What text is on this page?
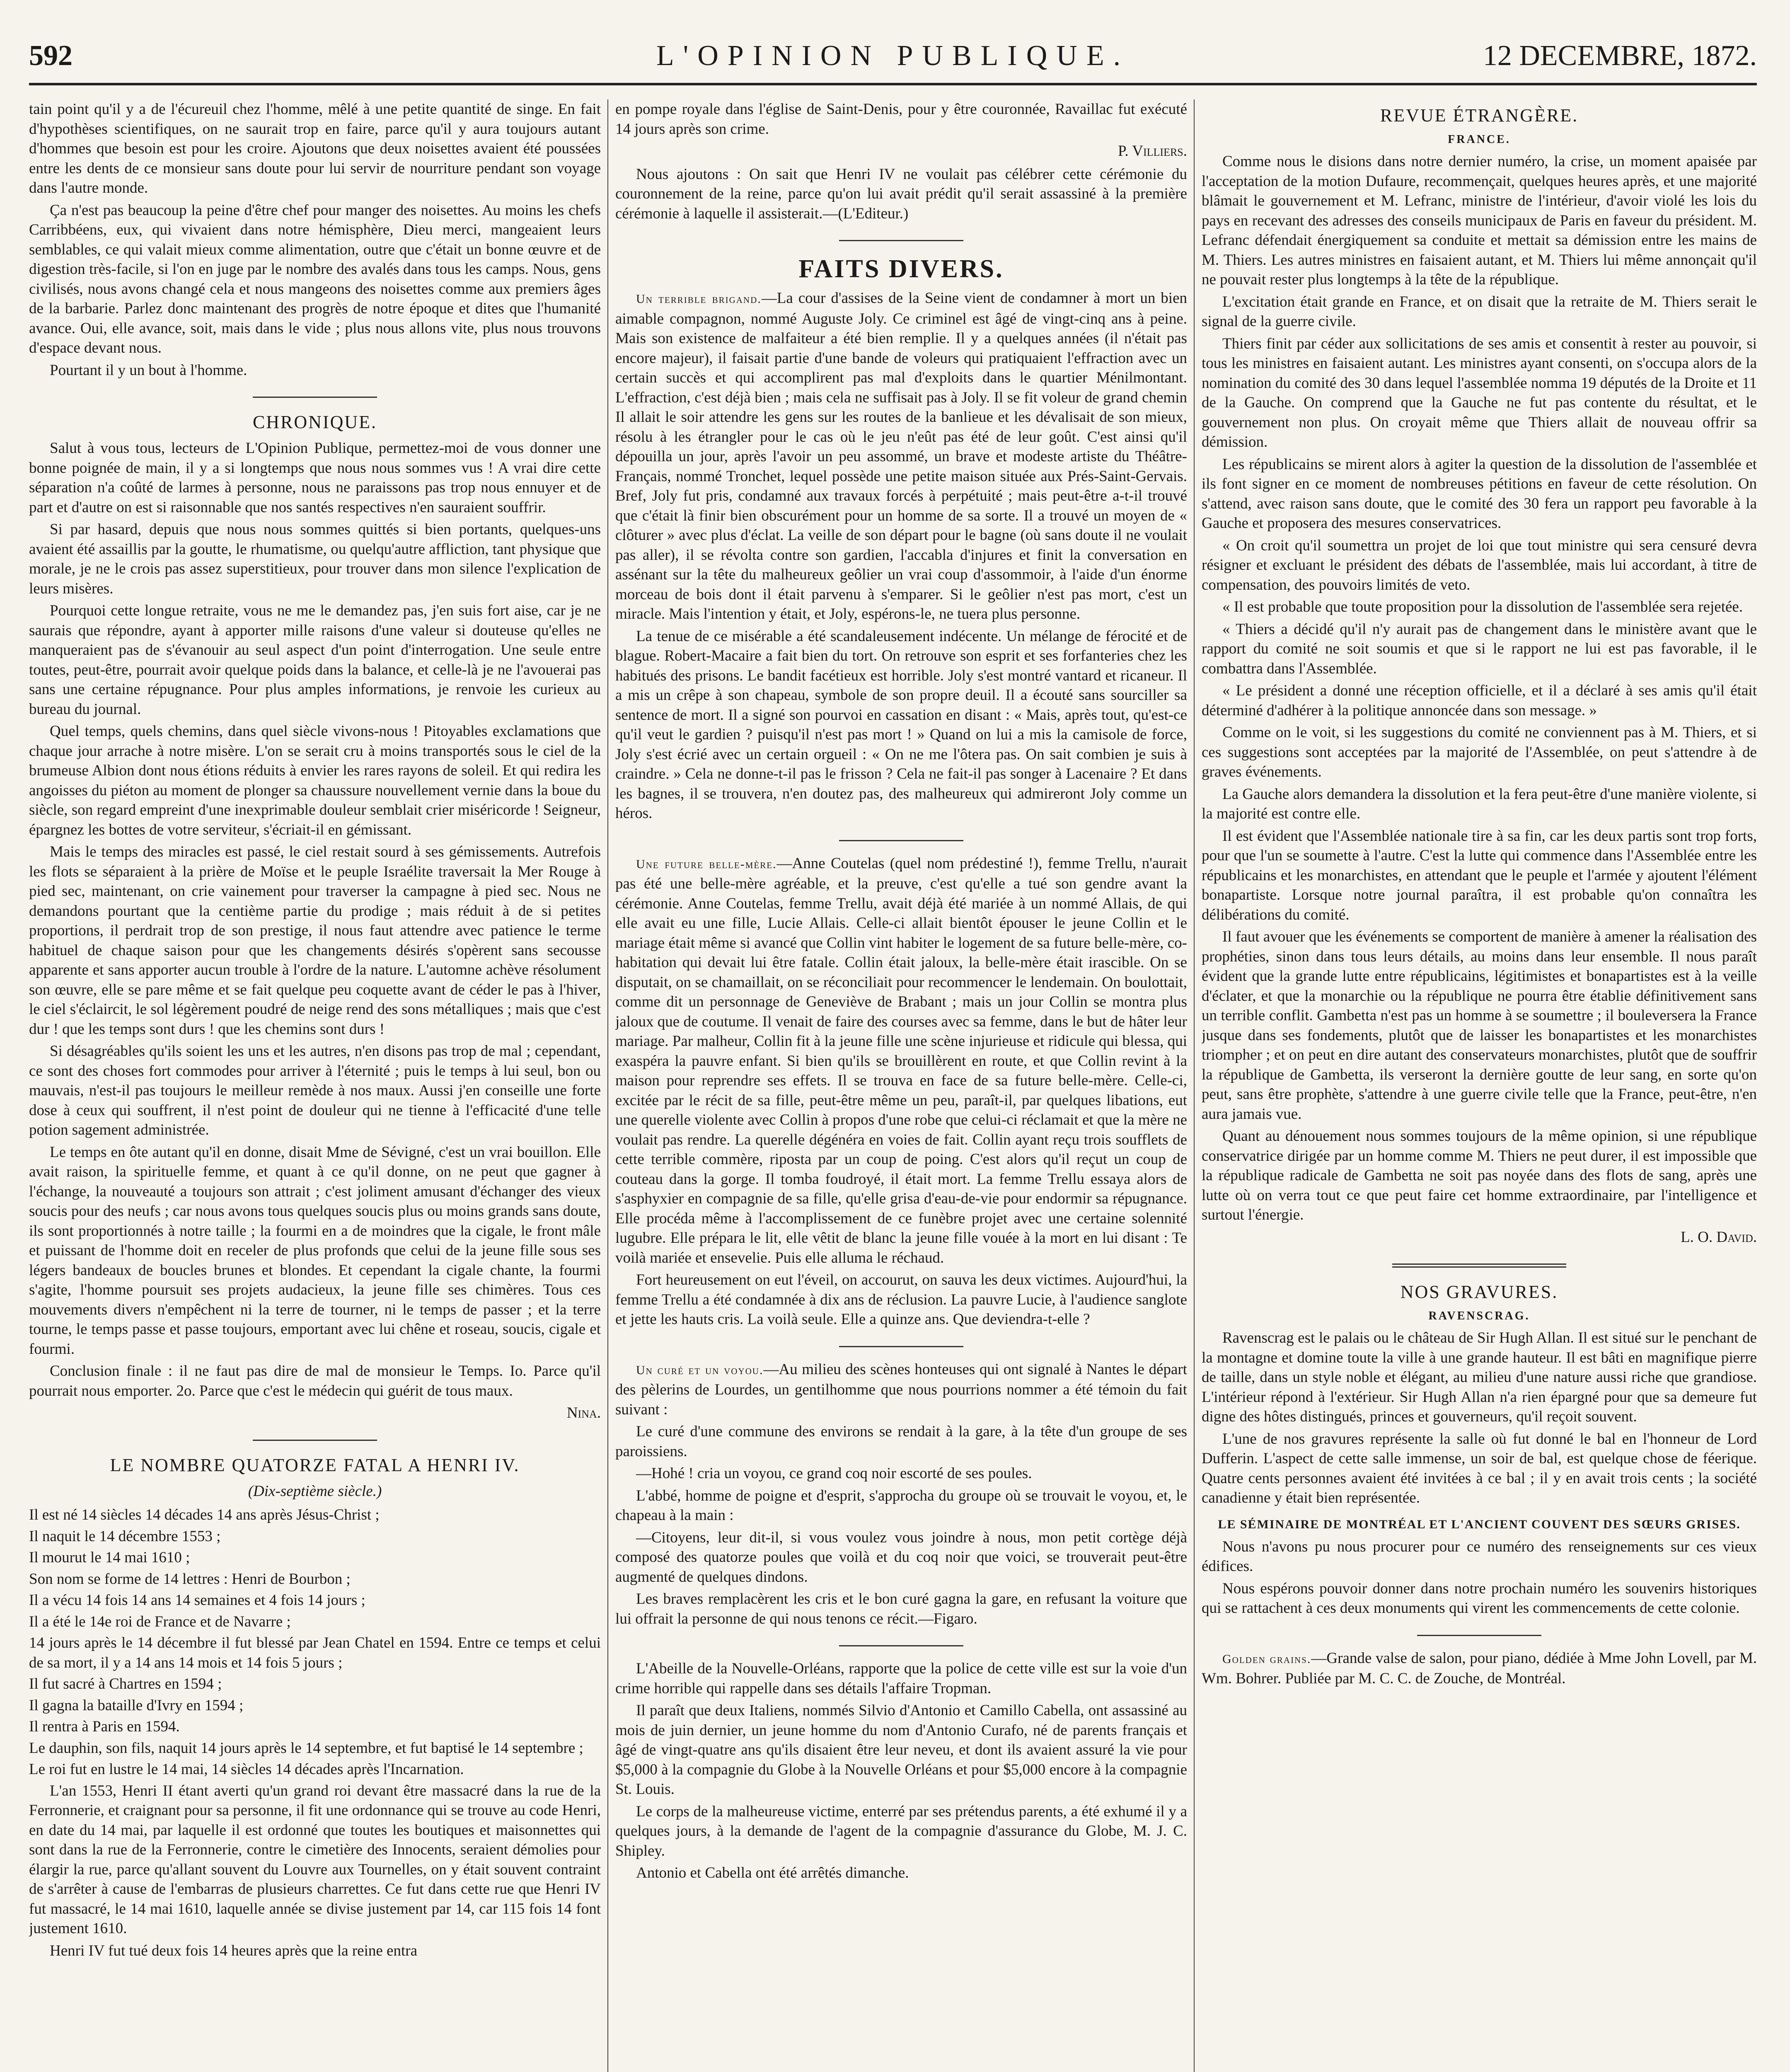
592	L'OPINION PUBLIQUE.	12 DECEMBRE, 1872.

tain point qu'il y a de l'écureuil chez l'homme, mêlé à une petite quantité de singe. En fait d'hypothèses scientifiques, on ne saurait trop en faire, parce qu'il y aura toujours autant d'hommes que besoin est pour les croire. Ajoutons que deux noisettes avaient été poussées entre les dents de ce monsieur sans doute pour lui servir de nourriture pendant son voyage dans l'autre monde.

Ça n'est pas beaucoup la peine d'être chef pour manger des noisettes. Au moins les chefs Carribbéens, eux, qui vivaient dans notre hémisphère, Dieu merci, mangeaient leurs semblables, ce qui valait mieux comme alimentation, outre que c'était un bonne œuvre et de digestion très-facile, si l'on en juge par le nombre des avalés dans tous les camps. Nous, gens civilisés, nous avons changé cela et nous mangeons des noisettes comme aux premiers âges de la barbarie. Parlez donc maintenant des progrès de notre époque et dites que l'humanité avance. Oui, elle avance, soit, mais dans le vide ; plus nous allons vite, plus nous trouvons d'espace devant nous.

Pourtant il y un bout à l'homme.

CHRONIQUE.

Salut à vous tous, lecteurs de L'Opinion Publique, permettez-moi de vous donner une bonne poignée de main, il y a si longtemps que nous nous sommes vus ! A vrai dire cette séparation n'a coûté de larmes à personne, nous ne paraissons pas trop nous ennuyer et de part et d'autre on est si raisonnable que nos santés respectives n'en sauraient souffrir.

Si par hasard, depuis que nous nous sommes quittés si bien portants, quelques-uns avaient été assaillis par la goutte, le rhumatisme, ou quelqu'autre affliction, tant physique que morale, je ne le crois pas assez superstitieux, pour trouver dans mon silence l'explication de leurs misères.

Pourquoi cette longue retraite, vous ne me le demandez pas, j'en suis fort aise, car je ne saurais que répondre, ayant à apporter mille raisons d'une valeur si douteuse qu'elles ne manqueraient pas de s'évanouir au seul aspect d'un point d'interrogation. Une seule entre toutes, peut-être, pourrait avoir quelque poids dans la balance, et celle-là je ne l'avouerai pas sans une certaine répugnance. Pour plus amples informations, je renvoie les curieux au bureau du journal.

Quel temps, quels chemins, dans quel siècle vivons-nous ! Pitoyables exclamations que chaque jour arrache à notre misère. L'on se serait cru à moins transportés sous le ciel de la brumeuse Albion dont nous étions réduits à envier les rares rayons de soleil. Et qui redira les angoisses du piéton au moment de plonger sa chaussure nouvellement vernie dans la boue du siècle, son regard empreint d'une inexprimable douleur semblait crier miséricorde ! Seigneur, épargnez les bottes de votre serviteur, s'écriait-il en gémissant.

Mais le temps des miracles est passé, le ciel restait sourd à ses gémissements. Autrefois les flots se séparaient à la prière de Moïse et le peuple Israélite traversait la Mer Rouge à pied sec, maintenant, on crie vainement pour traverser la campagne à pied sec. Nous ne demandons pourtant que la centième partie du prodige ; mais réduit à de si petites proportions, il perdrait trop de son prestige, il nous faut attendre avec patience le terme habituel de chaque saison pour que les changements désirés s'opèrent sans secousse apparente et sans apporter aucun trouble à l'ordre de la nature. L'automne achève résolument son œuvre, elle se pare même et se fait quelque peu coquette avant de céder le pas à l'hiver, le ciel s'éclaircit, le sol légèrement poudré de neige rend des sons métalliques ; mais que c'est dur ! que les temps sont durs ! que les chemins sont durs !

Si désagréables qu'ils soient les uns et les autres, n'en disons pas trop de mal ; cependant, ce sont des choses fort commodes pour arriver à l'éternité ; puis le temps à lui seul, bon ou mauvais, n'est-il pas toujours le meilleur remède à nos maux. Aussi j'en conseille une forte dose à ceux qui souffrent, il n'est point de douleur qui ne tienne à l'efficacité d'une telle potion sagement administrée.

Le temps en ôte autant qu'il en donne, disait Mme de Sévigné, c'est un vrai bouillon. Elle avait raison, la spirituelle femme, et quant à ce qu'il donne, on ne peut que gagner à l'échange, la nouveauté a toujours son attrait ; c'est joliment amusant d'échanger des vieux soucis pour des neufs ; car nous avons tous quelques soucis plus ou moins grands sans doute, ils sont proportionnés à notre taille ; la fourmi en a de moindres que la cigale, le front mâle et puissant de l'homme doit en receler de plus profonds que celui de la jeune fille sous ses légers bandeaux de boucles brunes et blondes. Et cependant la cigale chante, la fourmi s'agite, l'homme poursuit ses projets audacieux, la jeune fille ses chimères. Tous ces mouvements divers n'empêchent ni la terre de tourner, ni le temps de passer ; et la terre tourne, le temps passe et passe toujours, emportant avec lui chêne et roseau, soucis, cigale et fourmi.

Conclusion finale : il ne faut pas dire de mal de monsieur le Temps. Io. Parce qu'il pourrait nous emporter. 2o. Parce que c'est le médecin qui guérit de tous maux.

Nina.
LE NOMBRE QUATORZE FATAL A HENRI IV.
(Dix-septième siècle.)

Il est né 14 siècles 14 décades 14 ans après Jésus-Christ ;

Il naquit le 14 décembre 1553 ;

Il mourut le 14 mai 1610 ;

Son nom se forme de 14 lettres : Henri de Bourbon ;

Il a vécu 14 fois 14 ans 14 semaines et 4 fois 14 jours ;

Il a été le 14e roi de France et de Navarre ;

14 jours après le 14 décembre il fut blessé par Jean Chatel en 1594. Entre ce temps et celui de sa mort, il y a 14 ans 14 mois et 14 fois 5 jours ;

Il fut sacré à Chartres en 1594 ;

Il gagna la bataille d'Ivry en 1594 ;

Il rentra à Paris en 1594.

Le dauphin, son fils, naquit 14 jours après le 14 septembre, et fut baptisé le 14 septembre ;

Le roi fut en lustre le 14 mai, 14 siècles 14 décades après l'Incarnation.

L'an 1553, Henri II étant averti qu'un grand roi devant être massacré dans la rue de la Ferronnerie, et craignant pour sa personne, il fit une ordonnance qui se trouve au code Henri, en date du 14 mai, par laquelle il est ordonné que toutes les boutiques et maisonnettes qui sont dans la rue de la Ferronnerie, contre le cimetière des Innocents, seraient démolies pour élargir la rue, parce qu'allant souvent du Louvre aux Tournelles, on y était souvent contraint de s'arrêter à cause de l'embarras de plusieurs charrettes. Ce fut dans cette rue que Henri IV fut massacré, le 14 mai 1610, laquelle année se divise justement par 14, car 115 fois 14 font justement 1610.

Henri IV fut tué deux fois 14 heures après que la reine entra

en pompe royale dans l'église de Saint-Denis, pour y être couronnée, Ravaillac fut exécuté 14 jours après son crime.

P. Villiers.

Nous ajoutons : On sait que Henri IV ne voulait pas célébrer cette cérémonie du couronnement de la reine, parce qu'on lui avait prédit qu'il serait assassiné à la première cérémonie à laquelle il assisterait.—(L'Editeur.)

FAITS DIVERS.

Un terrible brigand.—La cour d'assises de la Seine vient de condamner à mort un bien aimable compagnon, nommé Auguste Joly. Ce criminel est âgé de vingt-cinq ans à peine. Mais son existence de malfaiteur a été bien remplie. Il y a quelques années (il n'était pas encore majeur), il faisait partie d'une bande de voleurs qui pratiquaient l'effraction avec un certain succès et qui accomplirent pas mal d'exploits dans le quartier Ménilmontant. L'effraction, c'est déjà bien ; mais cela ne suffisait pas à Joly. Il se fit voleur de grand chemin Il allait le soir attendre les gens sur les routes de la banlieue et les dévalisait de son mieux, résolu à les étrangler pour le cas où le jeu n'eût pas été de leur goût. C'est ainsi qu'il dépouilla un jour, après l'avoir un peu assommé, un brave et modeste artiste du Théâtre-Français, nommé Tronchet, lequel possède une petite maison située aux Prés-Saint-Gervais. Bref, Joly fut pris, condamné aux travaux forcés à perpétuité ; mais peut-être a-t-il trouvé que c'était là finir bien obscurément pour un homme de sa sorte. Il a trouvé un moyen de « clôturer » avec plus d'éclat. La veille de son départ pour le bagne (où sans doute il ne voulait pas aller), il se révolta contre son gardien, l'accabla d'injures et finit la conversation en assénant sur la tête du malheureux geôlier un vrai coup d'assommoir, à l'aide d'un énorme morceau de bois dont il était parvenu à s'emparer. Si le geôlier n'est pas mort, c'est un miracle. Mais l'intention y était, et Joly, espérons-le, ne tuera plus personne.

La tenue de ce misérable a été scandaleusement indécente. Un mélange de férocité et de blague. Robert-Macaire a fait bien du tort. On retrouve son esprit et ses forfanteries chez les habitués des prisons. Le bandit facétieux est horrible. Joly s'est montré vantard et ricaneur. Il a mis un crêpe à son chapeau, symbole de son propre deuil. Il a écouté sans sourciller sa sentence de mort. Il a signé son pourvoi en cassation en disant : « Mais, après tout, qu'est-ce qu'il veut le gardien ? puisqu'il n'est pas mort ! » Quand on lui a mis la camisole de force, Joly s'est écrié avec un certain orgueil : « On ne me l'ôtera pas. On sait combien je suis à craindre. » Cela ne donne-t-il pas le frisson ? Cela ne fait-il pas songer à Lacenaire ? Et dans les bagnes, il se trouvera, n'en doutez pas, des malheureux qui admireront Joly comme un héros.

Une future belle-mère.—Anne Coutelas (quel nom prédestiné !), femme Trellu, n'aurait pas été une belle-mère agréable, et la preuve, c'est qu'elle a tué son gendre avant la cérémonie. Anne Coutelas, femme Trellu, avait déjà été mariée à un nommé Allais, de qui elle avait eu une fille, Lucie Allais. Celle-ci allait bientôt épouser le jeune Collin et le mariage était même si avancé que Collin vint habiter le logement de sa future belle-mère, co-habitation qui devait lui être fatale. Collin était jaloux, la belle-mère était irascible. On se disputait, on se chamaillait, on se réconciliait pour recommencer le lendemain. On boulottait, comme dit un personnage de Geneviève de Brabant ; mais un jour Collin se montra plus jaloux que de coutume. Il venait de faire des courses avec sa femme, dans le but de hâter leur mariage. Par malheur, Collin fit à la jeune fille une scène injurieuse et ridicule qui blessa, qui exaspéra la pauvre enfant. Si bien qu'ils se brouillèrent en route, et que Collin revint à la maison pour reprendre ses effets. Il se trouva en face de sa future belle-mère. Celle-ci, excitée par le récit de sa fille, peut-être même un peu, paraît-il, par quelques libations, eut une querelle violente avec Collin à propos d'une robe que celui-ci réclamait et que la mère ne voulait pas rendre. La querelle dégénéra en voies de fait. Collin ayant reçu trois soufflets de cette terrible commère, riposta par un coup de poing. C'est alors qu'il reçut un coup de couteau dans la gorge. Il tomba foudroyé, il était mort. La femme Trellu essaya alors de s'asphyxier en compagnie de sa fille, qu'elle grisa d'eau-de-vie pour endormir sa répugnance. Elle procéda même à l'accomplissement de ce funèbre projet avec une certaine solennité lugubre. Elle prépara le lit, elle vêtit de blanc la jeune fille vouée à la mort en lui disant : Te voilà mariée et ensevelie. Puis elle alluma le réchaud.

Fort heureusement on eut l'éveil, on accourut, on sauva les deux victimes. Aujourd'hui, la femme Trellu a été condamnée à dix ans de réclusion. La pauvre Lucie, à l'audience sanglote et jette les hauts cris. La voilà seule. Elle a quinze ans. Que deviendra-t-elle ?

Un curé et un voyou.—Au milieu des scènes honteuses qui ont signalé à Nantes le départ des pèlerins de Lourdes, un gentilhomme que nous pourrions nommer a été témoin du fait suivant :

Le curé d'une commune des environs se rendait à la gare, à la tête d'un groupe de ses paroissiens.

—Hohé ! cria un voyou, ce grand coq noir escorté de ses poules.

L'abbé, homme de poigne et d'esprit, s'approcha du groupe où se trouvait le voyou, et, le chapeau à la main :

—Citoyens, leur dit-il, si vous voulez vous joindre à nous, mon petit cortège déjà composé des quatorze poules que voilà et du coq noir que voici, se trouverait peut-être augmenté de quelques dindons.

Les braves remplacèrent les cris et le bon curé gagna la gare, en refusant la voiture que lui offrait la personne de qui nous tenons ce récit.—Figaro.

L'Abeille de la Nouvelle-Orléans, rapporte que la police de cette ville est sur la voie d'un crime horrible qui rappelle dans ses détails l'affaire Tropman.

Il paraît que deux Italiens, nommés Silvio d'Antonio et Camillo Cabella, ont assassiné au mois de juin dernier, un jeune homme du nom d'Antonio Curafo, né de parents français et âgé de vingt-quatre ans qu'ils disaient être leur neveu, et dont ils avaient assuré la vie pour $5,000 à la compagnie du Globe à la Nouvelle Orléans et pour $5,000 encore à la compagnie St. Louis.

Le corps de la malheureuse victime, enterré par ses prétendus parents, a été exhumé il y a quelques jours, à la demande de l'agent de la compagnie d'assurance du Globe, M. J. C. Shipley.

Antonio et Cabella ont été arrêtés dimanche.

REVUE ÉTRANGÈRE.
FRANCE.

Comme nous le disions dans notre dernier numéro, la crise, un moment apaisée par l'acceptation de la motion Dufaure, recommençait, quelques heures après, et une majorité blâmait le gouvernement et M. Lefranc, ministre de l'intérieur, d'avoir violé les lois du pays en recevant des adresses des conseils municipaux de Paris en faveur du président. M. Lefranc défendait énergiquement sa conduite et mettait sa démission entre les mains de M. Thiers. Les autres ministres en faisaient autant, et M. Thiers lui même annonçait qu'il ne pouvait rester plus longtemps à la tête de la république.

L'excitation était grande en France, et on disait que la retraite de M. Thiers serait le signal de la guerre civile.

Thiers finit par céder aux sollicitations de ses amis et consentit à rester au pouvoir, si tous les ministres en faisaient autant. Les ministres ayant consenti, on s'occupa alors de la nomination du comité des 30 dans lequel l'assemblée nomma 19 députés de la Droite et 11 de la Gauche. On comprend que la Gauche ne fut pas contente du résultat, et le gouvernement non plus. On croyait même que Thiers allait de nouveau offrir sa démission.

Les républicains se mirent alors à agiter la question de la dissolution de l'assemblée et ils font signer en ce moment de nombreuses pétitions en faveur de cette résolution. On s'attend, avec raison sans doute, que le comité des 30 fera un rapport peu favorable à la Gauche et proposera des mesures conservatrices.

« On croit qu'il soumettra un projet de loi que tout ministre qui sera censuré devra résigner et excluant le président des débats de l'assemblée, mais lui accordant, à titre de compensation, des pouvoirs limités de veto.

« Il est probable que toute proposition pour la dissolution de l'assemblée sera rejetée.

« Thiers a décidé qu'il n'y aurait pas de changement dans le ministère avant que le rapport du comité ne soit soumis et que si le rapport ne lui est pas favorable, il le combattra dans l'Assemblée.

« Le président a donné une réception officielle, et il a déclaré à ses amis qu'il était déterminé d'adhérer à la politique annoncée dans son message. »

Comme on le voit, si les suggestions du comité ne conviennent pas à M. Thiers, et si ces suggestions sont acceptées par la majorité de l'Assemblée, on peut s'attendre à de graves événements.

La Gauche alors demandera la dissolution et la fera peut-être d'une manière violente, si la majorité est contre elle.

Il est évident que l'Assemblée nationale tire à sa fin, car les deux partis sont trop forts, pour que l'un se soumette à l'autre. C'est la lutte qui commence dans l'Assemblée entre les républicains et les monarchistes, en attendant que le peuple et l'armée y ajoutent l'élément bonapartiste. Lorsque notre journal paraîtra, il est probable qu'on connaîtra les délibérations du comité.

Il faut avouer que les événements se comportent de manière à amener la réalisation des prophéties, sinon dans tous leurs détails, au moins dans leur ensemble. Il nous paraît évident que la grande lutte entre républicains, légitimistes et bonapartistes est à la veille d'éclater, et que la monarchie ou la république ne pourra être établie définitivement sans un terrible conflit. Gambetta n'est pas un homme à se soumettre ; il bouleversera la France jusque dans ses fondements, plutôt que de laisser les bonapartistes et les monarchistes triompher ; et on peut en dire autant des conservateurs monarchistes, plutôt que de souffrir la république de Gambetta, ils verseront la dernière goutte de leur sang, en sorte qu'on peut, sans être prophète, s'attendre à une guerre civile telle que la France, peut-être, n'en aura jamais vue.

Quant au dénouement nous sommes toujours de la même opinion, si une république conservatrice dirigée par un homme comme M. Thiers ne peut durer, il est impossible que la république radicale de Gambetta ne soit pas noyée dans des flots de sang, après une lutte où on verra tout ce que peut faire cet homme extraordinaire, par l'intelligence et surtout l'énergie.

L. O. David.
NOS GRAVURES.
RAVENSCRAG.

Ravenscrag est le palais ou le château de Sir Hugh Allan. Il est situé sur le penchant de la montagne et domine toute la ville à une grande hauteur. Il est bâti en magnifique pierre de taille, dans un style noble et élégant, au milieu d'une nature aussi riche que grandiose. L'intérieur répond à l'extérieur. Sir Hugh Allan n'a rien épargné pour que sa demeure fut digne des hôtes distingués, princes et gouverneurs, qu'il reçoit souvent.

L'une de nos gravures représente la salle où fut donné le bal en l'honneur de Lord Dufferin. L'aspect de cette salle immense, un soir de bal, est quelque chose de féerique. Quatre cents personnes avaient été invitées à ce bal ; il y en avait trois cents ; la société canadienne y était bien représentée.

LE SÉMINAIRE DE MONTRÉAL ET L'ANCIENT COUVENT DES SŒURS GRISES.

Nous n'avons pu nous procurer pour ce numéro des renseignements sur ces vieux édifices.

Nous espérons pouvoir donner dans notre prochain numéro les souvenirs historiques qui se rattachent à ces deux monuments qui virent les commencements de cette colonie.

Golden grains.—Grande valse de salon, pour piano, dédiée à Mme John Lovell, par M. Wm. Bohrer. Publiée par M. C. C. de Zouche, de Montréal.
